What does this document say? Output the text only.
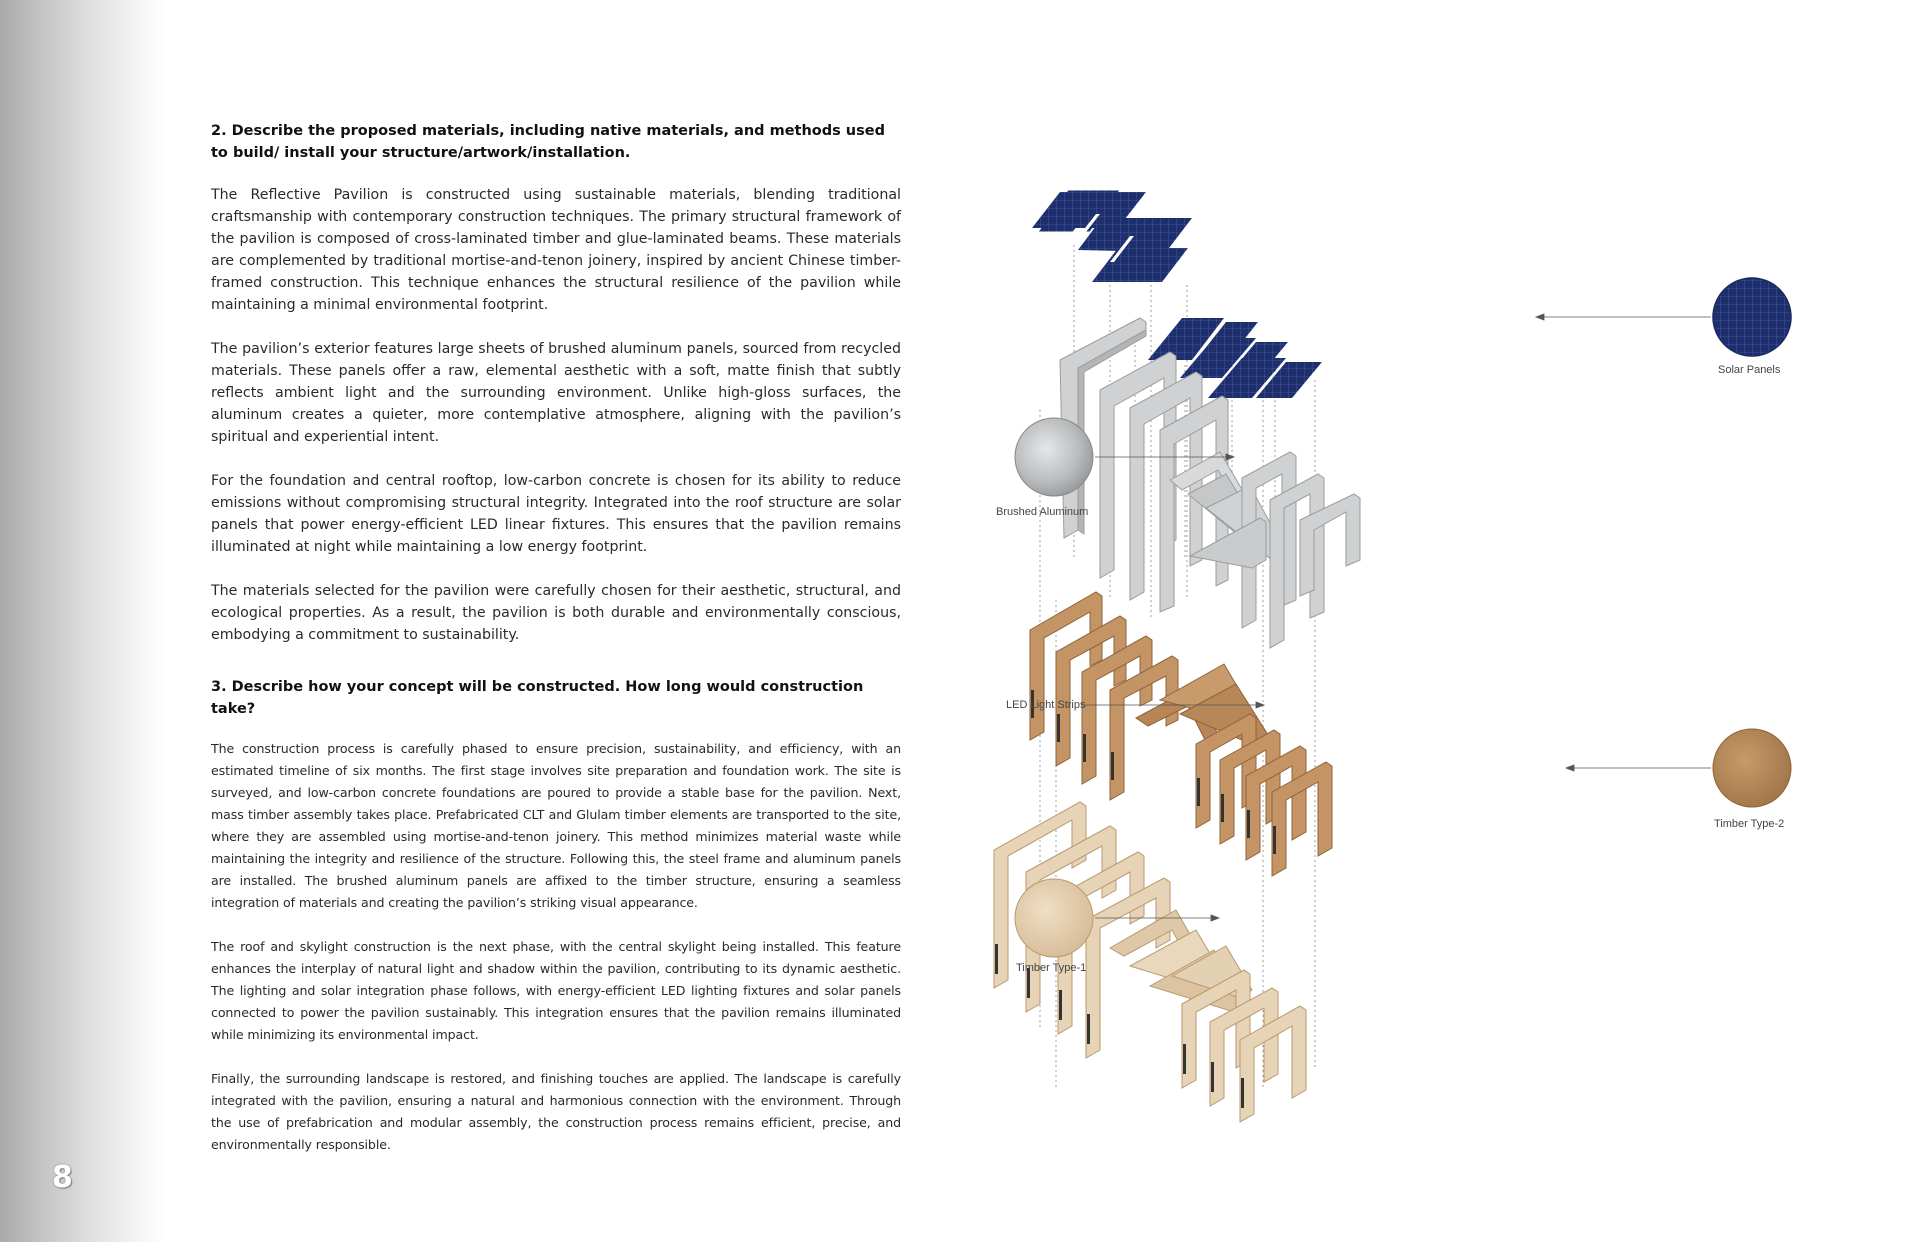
8

2. Describe the proposed materials, including native materials, and methods used to build/ install your structure/artwork/installation.

The Reflective Pavilion is constructed using sustainable materials, blending traditional craftsmanship with contemporary construction techniques. The primary structural framework of the pavilion is composed of cross-laminated timber and glue-laminated beams. These materials are complemented by traditional mortise-and-tenon joinery, inspired by ancient Chinese timber-framed construction. This technique enhances the structural resilience of the pavilion while maintaining a minimal environmental footprint.

The pavilion’s exterior features large sheets of brushed aluminum panels, sourced from recycled materials. These panels offer a raw, elemental aesthetic with a soft, matte finish that subtly reflects ambient light and the surrounding environment. Unlike high-gloss surfaces, the aluminum creates a quieter, more contemplative atmosphere, aligning with the pavilion’s spiritual and experiential intent.

For the foundation and central rooftop, low-carbon concrete is chosen for its ability to reduce emissions without compromising structural integrity. Integrated into the roof structure are solar panels that power energy-efficient LED linear fixtures. This ensures that the pavilion remains illuminated at night while maintaining a low energy footprint.

The materials selected for the pavilion were carefully chosen for their aesthetic, structural, and ecological properties. As a result, the pavilion is both durable and environmentally conscious, embodying a commitment to sustainability.

3. Describe how your concept will be constructed. How long would construction take?

The construction process is carefully phased to ensure precision, sustainability, and efficiency, with an estimated timeline of six months. The first stage involves site preparation and foundation work. The site is surveyed, and low-carbon concrete foundations are poured to provide a stable base for the pavilion. Next, mass timber assembly takes place. Prefabricated CLT and Glulam timber elements are transported to the site, where they are assembled using mortise-and-tenon joinery. This method minimizes material waste while maintaining the integrity and resilience of the structure. Following this, the steel frame and aluminum panels are installed. The brushed aluminum panels are affixed to the timber structure, ensuring a seamless integration of materials and creating the pavilion’s striking visual appearance.

The roof and skylight construction is the next phase, with the central skylight being installed. This feature enhances the interplay of natural light and shadow within the pavilion, contributing to its dynamic aesthetic. The lighting and solar integration phase follows, with energy-efficient LED lighting fixtures and solar panels connected to power the pavilion sustainably. This integration ensures that the pavilion remains illuminated while minimizing its environmental impact.

Finally, the surrounding landscape is restored, and finishing touches are applied. The landscape is carefully integrated with the pavilion, ensuring a natural and harmonious connection with the environment. Through the use of prefabrication and modular assembly, the construction process remains efficient, precise, and environmentally responsible.

Solar Panels
Brushed Aluminum
LED Light Strips
Timber Type-2
Timber Type-1
